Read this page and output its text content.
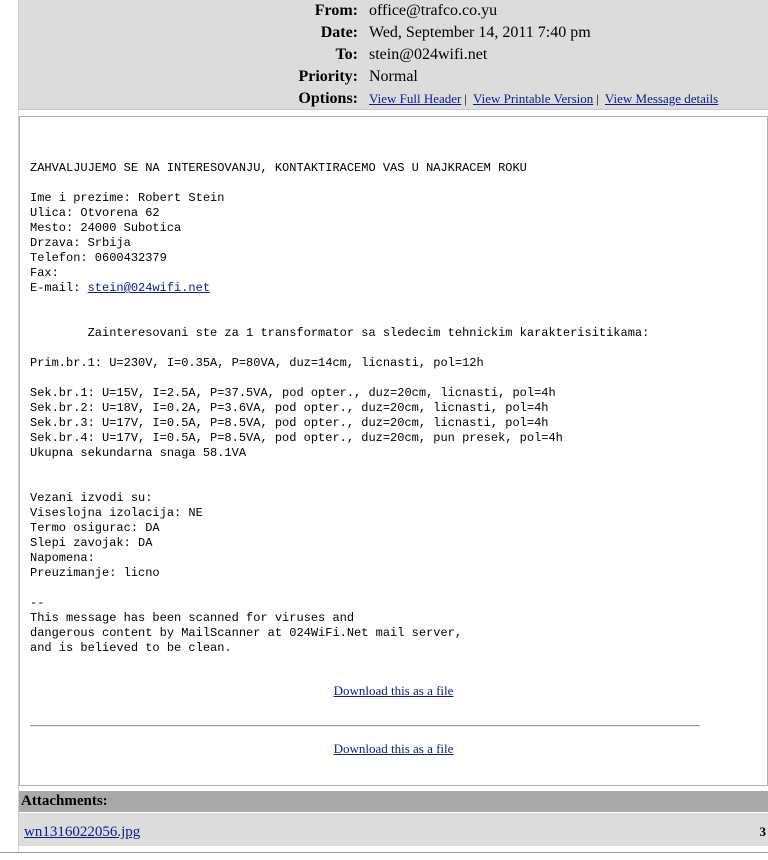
From: office@trafco.co.yu
Date: Wed, September 14, 2011 7:40 pm
To: stein@024wifi.net
Priority: Normal
Options: View Full Header | View Printable Version | View Message details
ZAHVALJUJEMO SE NA INTERESOVANJU, KONTAKTIRACEMO VAS U NAJKRACEM ROKU

Ime i prezime: Robert Stein
Ulica: Otvorena 62
Mesto: 24000 Subotica
Drzava: Srbija
Telefon: 0600432379
Fax:
E-mail: stein@024wifi.net

Zainteresovani ste za 1 transformator sa sledecim tehnickim karakterisitikama:

Prim.br.1: U=230V, I=0.35A, P=80VA, duz=14cm, licnasti, pol=12h

Sek.br.1: U=15V, I=2.5A, P=37.5VA, pod opter., duz=20cm, licnasti, pol=4h
Sek.br.2: U=18V, I=0.2A, P=3.6VA, pod opter., duz=20cm, licnasti, pol=4h
Sek.br.3: U=17V, I=0.5A, P=8.5VA, pod opter., duz=20cm, licnasti, pol=4h
Sek.br.4: U=17V, I=0.5A, P=8.5VA, pod opter., duz=20cm, pun presek, pol=4h
Ukupna sekundarna snaga 58.1VA

Vezani izvodi su:
Viseslojna izolacija: NE
Termo osigurac: DA
Slepi zavojak: DA
Napomena:
Preuzimanje: licno

--
This message has been scanned for viruses and
dangerous content by MailScanner at 024WiFi.Net mail server,
and is believed to be clean.
Download this as a file
Download this as a file
Attachments:
wn1316022056.jpg	3
